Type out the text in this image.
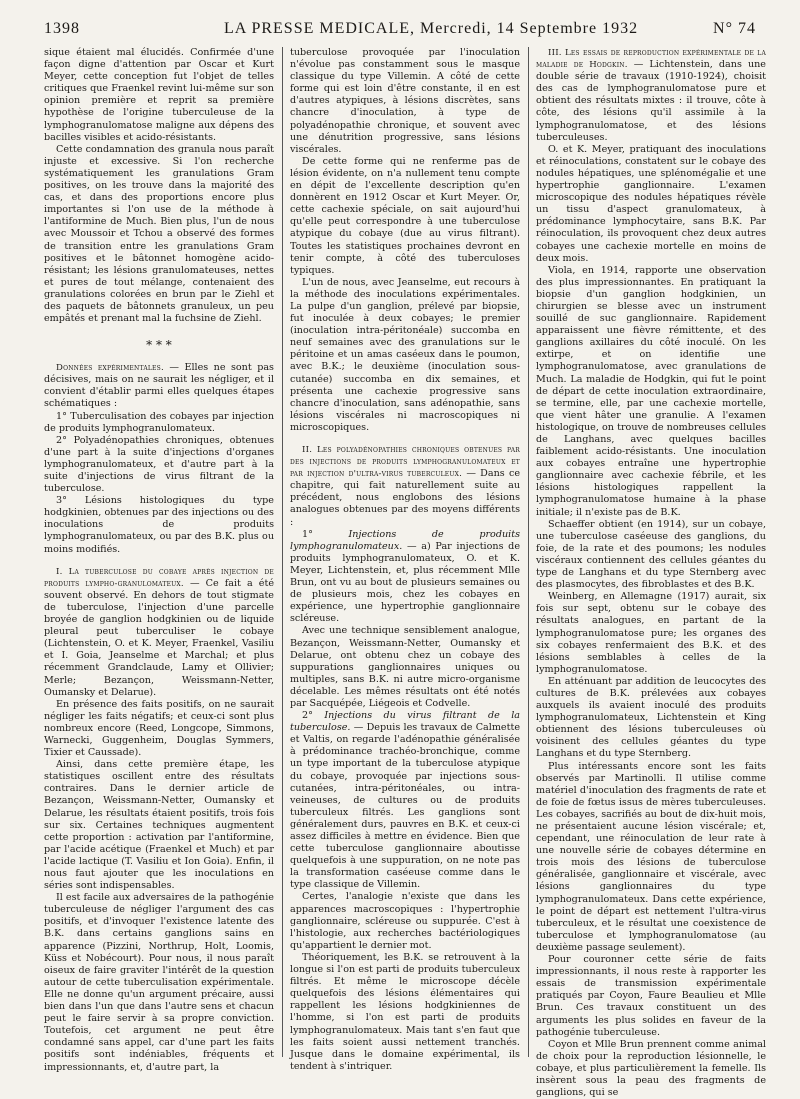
1398	LA PRESSE MEDICALE, Mercredi, 14 Septembre 1932	N° 74

sique étaient mal élucidés. Confirmée d'une façon digne d'attention par Oscar et Kurt Meyer, cette conception fut l'objet de telles critiques que Fraenkel revint lui-même sur son opinion première et reprit sa première hypothèse de l'origine tuberculeuse de la lymphogranulomatose maligne aux dépens des bacilles visibles et acido-résistants.

Cette condamnation des granula nous paraît injuste et excessive. Si l'on recherche systématiquement les granulations Gram positives, on les trouve dans la majorité des cas, et dans des proportions encore plus importantes si l'on use de la méthode à l'antiformine de Much. Bien plus, l'un de nous avec Moussoir et Tchou a observé des formes de transition entre les granulations Gram positives et le bâtonnet homogène acido-résistant; les lésions granulomateuses, nettes et pures de tout mélange, contenaient des granulations colorées en brun par le Ziehl et des paquets de bâtonnets granuleux, un peu empâtés et prenant mal la fuchsine de Ziehl.

* * *

Données expérimentales. — Elles ne sont pas décisives, mais on ne saurait les négliger, et il convient d'établir parmi elles quelques étapes schématiques :

1° Tuberculisation des cobayes par injection de produits lymphogranulomateux.

2° Polyadénopathies chroniques, obtenues d'une part à la suite d'injections d'organes lymphogranulomateux, et d'autre part à la suite d'injections de virus filtrant de la tuberculose.

3° Lésions histologiques du type hodgkinien, obtenues par des injections ou des inoculations de produits lymphogranulomateux, ou par des B.K. plus ou moins modifiés.

I. La tuberculose du cobaye après injection de produits lympho-granulomateux. — Ce fait a été souvent observé. En dehors de tout stigmate de tuberculose, l'injection d'une parcelle broyée de ganglion hodgkinien ou de liquide pleural peut tuberculiser le cobaye (Lichtenstein, O. et K. Meyer, Fraenkel, Vasiliu et I. Goia, Jeanselme et Marchal; et plus récemment Grandclaude, Lamy et Ollivier; Merle; Bezançon, Weissmann-Netter, Oumansky et Delarue).

En présence des faits positifs, on ne saurait négliger les faits négatifs; et ceux-ci sont plus nombreux encore (Reed, Longcope, Simmons, Warnecki, Guggenheim, Douglas Symmers, Tixier et Caussade).

Ainsi, dans cette première étape, les statistiques oscillent entre des résultats contraires. Dans le dernier article de Bezançon, Weissmann-Netter, Oumansky et Delarue, les résultats étaient positifs, trois fois sur six. Certaines techniques augmentent cette proportion : activation par l'antiformine, par l'acide acétique (Fraenkel et Much) et par l'acide lactique (T. Vasiliu et Ion Goia). Enfin, il nous faut ajouter que les inoculations en séries sont indispensables.

Il est facile aux adversaires de la pathogénie tuberculeuse de négliger l'argument des cas positifs, et d'invoquer l'existence latente des B.K. dans certains ganglions sains en apparence (Pizzini, Northrup, Holt, Loomis, Küss et Nobécourt). Pour nous, il nous paraît oiseux de faire graviter l'intérêt de la question autour de cette tuberculisation expérimentale. Elle ne donne qu'un argument précaire, aussi bien dans l'un que dans l'autre sens et chacun peut le faire servir à sa propre conviction. Toutefois, cet argument ne peut être condamné sans appel, car d'une part les faits positifs sont indéniables, fréquents et impressionnants, et, d'autre part, la

tuberculose provoquée par l'inoculation n'évolue pas constamment sous le masque classique du type Villemin. A côté de cette forme qui est loin d'être constante, il en est d'autres atypiques, à lésions discrètes, sans chancre d'inoculation, à type de polyadénopathie chronique, et souvent avec une dénutrition progressive, sans lésions viscérales.

De cette forme qui ne renferme pas de lésion évidente, on n'a nullement tenu compte en dépit de l'excellente description qu'en donnèrent en 1912 Oscar et Kurt Meyer. Or, cette cachexie spéciale, on sait aujourd'hui qu'elle peut correspondre à une tuberculose atypique du cobaye (due au virus filtrant). Toutes les statistiques prochaines devront en tenir compte, à côté des tuberculoses typiques.

L'un de nous, avec Jeanselme, eut recours à la méthode des inoculations expérimentales. La pulpe d'un ganglion, prélevé par biopsie, fut inoculée à deux cobayes; le premier (inoculation intra-péritonéale) succomba en neuf semaines avec des granulations sur le péritoine et un amas caséeux dans le poumon, avec B.K.; le deuxième (inoculation sous-cutanée) succomba en dix semaines, et présenta une cachexie progressive sans chancre d'inoculation, sans adénopathie, sans lésions viscérales ni macroscopiques ni microscopiques.

II. Les polyadénopathies chroniques obtenues par des injections de produits lymphogranulomateux et par injection d'ultra-virus tuberculeux. — Dans ce chapitre, qui fait naturellement suite au précédent, nous englobons des lésions analogues obtenues par des moyens différents :

1° Injections de produits lymphogranulomateux. — a) Par injections de produits lymphogranulomateux, O. et K. Meyer, Lichtenstein, et, plus récemment Mlle Brun, ont vu au bout de plusieurs semaines ou de plusieurs mois, chez les cobayes en expérience, une hypertrophie ganglionnaire scléreuse.

Avec une technique sensiblement analogue, Bezançon, Weissmann-Netter, Oumansky et Delarue, ont obtenu chez un cobaye des suppurations ganglionnaires uniques ou multiples, sans B.K. ni autre micro-organisme décelable. Les mêmes résultats ont été notés par Sacquépée, Liégeois et Codvelle.

2° Injections du virus filtrant de la tuberculose. — Depuis les travaux de Calmette et Valtis, on regarde l'adénopathie généralisée à prédominance trachéo-bronchique, comme un type important de la tuberculose atypique du cobaye, provoquée par injections sous-cutanées, intra-péritonéales, ou intra-veineuses, de cultures ou de produits tuberculeux filtrés. Les ganglions sont généralement durs, pauvres en B.K. et ceux-ci assez difficiles à mettre en évidence. Bien que cette tuberculose ganglionnaire aboutisse quelquefois à une suppuration, on ne note pas la transformation caséeuse comme dans le type classique de Villemin.

Certes, l'analogie n'existe que dans les apparences macroscopiques : l'hypertrophie ganglionnaire, scléreuse ou suppurée. C'est à l'histologie, aux recherches bactériologiques qu'appartient le dernier mot.

Théoriquement, les B.K. se retrouvent à la longue si l'on est parti de produits tuberculeux filtrés. Et même le microscope décèle quelquefois des lésions élémentaires qui rappellent les lésions hodgkiniennes de l'homme, si l'on est parti de produits lymphogranulomateux. Mais tant s'en faut que les faits soient aussi nettement tranchés. Jusque dans le domaine expérimental, ils tendent à s'intriquer.

III. Les essais de reproduction expérimentale de la maladie de Hodgkin. — Lichtenstein, dans une double série de travaux (1910-1924), choisit des cas de lymphogranulomatose pure et obtient des résultats mixtes : il trouve, côte à côte, des lésions qu'il assimile à la lymphogranulomatose, et des lésions tuberculeuses.

O. et K. Meyer, pratiquant des inoculations et réinoculations, constatent sur le cobaye des nodules hépatiques, une splénomégalie et une hypertrophie ganglionnaire. L'examen microscopique des nodules hépatiques révèle un tissu d'aspect granulomateux, à prédominance lymphocytaire, sans B.K. Par réinoculation, ils provoquent chez deux autres cobayes une cachexie mortelle en moins de deux mois.

Viola, en 1914, rapporte une observation des plus impressionnantes. En pratiquant la biopsie d'un ganglion hodgkinien, un chirurgien se blesse avec un instrument souillé de suc ganglionnaire. Rapidement apparaissent une fièvre rémittente, et des ganglions axillaires du côté inoculé. On les extirpe, et on identifie une lymphogranulomatose, avec granulations de Much. La maladie de Hodgkin, qui fut le point de départ de cette inoculation extraordinaire, se termine, elle, par une cachexie mortelle, que vient hâter une granulie. A l'examen histologique, on trouve de nombreuses cellules de Langhans, avec quelques bacilles faiblement acido-résistants. Une inoculation aux cobayes entraîne une hypertrophie ganglionnaire avec cachexie fébrile, et les lésions histologiques rappellent la lymphogranulomatose humaine à la phase initiale; il n'existe pas de B.K.

Schaeffer obtient (en 1914), sur un cobaye, une tuberculose caséeuse des ganglions, du foie, de la rate et des poumons; les nodules viscéraux contiennent des cellules géantes du type de Langhans et du type Sternberg avec des plasmocytes, des fibroblastes et des B.K.

Weinberg, en Allemagne (1917) aurait, six fois sur sept, obtenu sur le cobaye des résultats analogues, en partant de la lymphogranulomatose pure; les organes des six cobayes renfermaient des B.K. et des lésions semblables à celles de la lymphogranulomatose.

En atténuant par addition de leucocytes des cultures de B.K. prélevées aux cobayes auxquels ils avaient inoculé des produits lymphogranulomateux, Lichtenstein et King obtiennent des lésions tuberculeuses où voisinent des cellules géantes du type Langhans et du type Sternberg.

Plus intéressants encore sont les faits observés par Martinolli. Il utilise comme matériel d'inoculation des fragments de rate et de foie de fœtus issus de mères tuberculeuses. Les cobayes, sacrifiés au bout de dix-huit mois, ne présentaient aucune lésion viscérale; et, cependant, une réinoculation de leur rate à une nouvelle série de cobayes détermine en trois mois des lésions de tuberculose généralisée, ganglionnaire et viscérale, avec lésions ganglionnaires du type lymphogranulomateux. Dans cette expérience, le point de départ est nettement l'ultra-virus tuberculeux, et le résultat une coexistence de tuberculose et lymphogranulomatose (au deuxième passage seulement).

Pour couronner cette série de faits impressionnants, il nous reste à rapporter les essais de transmission expérimentale pratiqués par Coyon, Faure Beaulieu et Mlle Brun. Ces travaux constituent un des arguments les plus solides en faveur de la pathogénie tuberculeuse.

Coyon et Mlle Brun prennent comme animal de choix pour la reproduction lésionnelle, le cobaye, et plus particulièrement la femelle. Ils insèrent sous la peau des fragments de ganglions, qui se
